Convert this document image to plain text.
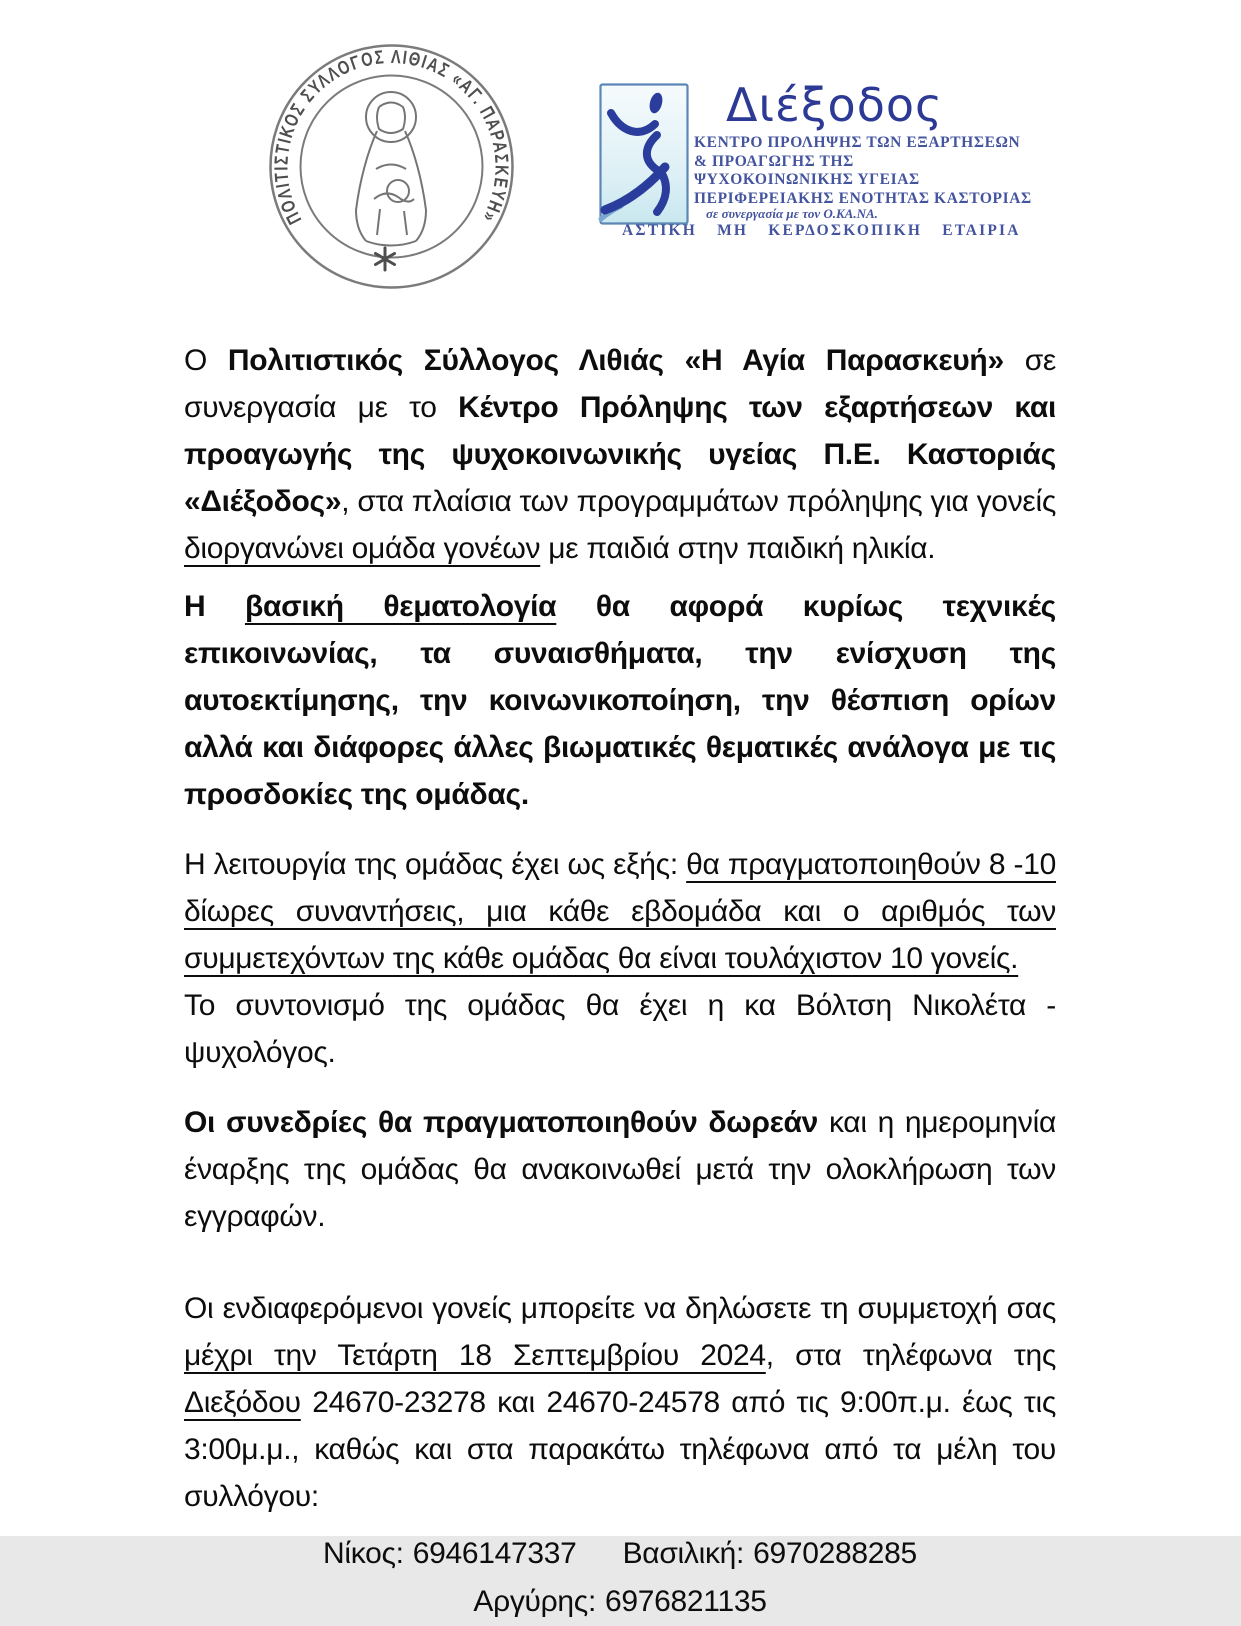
ΠΟΛΙΤΙΣΤΙΚΟΣ ΣΥΛΛΟΓΟΣ ΛΙΘΙΑΣ «ΑΓ. ΠΑΡΑΣΚΕΥΗ»
Διέξοδος
ΚΕΝΤΡΟ ΠΡΟΛΗΨΗΣ ΤΩΝ ΕΞΑΡΤΗΣΕΩΝ
& ΠΡΟΑΓΩΓΗΣ ΤΗΣ
ΨΥΧΟΚΟΙΝΩΝΙΚΗΣ ΥΓΕΙΑΣ
ΠΕΡΙΦΕΡΕΙΑΚΗΣ ΕΝΟΤΗΤΑΣ ΚΑΣΤΟΡΙΑΣ
σε συνεργασία με τον Ο.ΚΑ.ΝΑ.
ΑΣΤΙΚΗ ΜΗ ΚΕΡΔΟΣΚΟΠΙΚΗ ΕΤΑΙΡΙΑ

Ο Πολιτιστικός Σύλλογος Λιθιάς «Η Αγία Παρασκευή» σε συνεργασία με το Κέντρο Πρόληψης των εξαρτήσεων και προαγωγής της ψυχοκοινωνικής υγείας Π.Ε. Καστοριάς «Διέξοδος», στα πλαίσια των προγραμμάτων πρόληψης για γονείς διοργανώνει ομάδα γονέων με παιδιά στην παιδική ηλικία.

Η βασική θεματολογία θα αφορά κυρίως τεχνικές επικοινωνίας, τα συναισθήματα, την ενίσχυση της αυτοεκτίμησης, την κοινωνικοποίηση, την θέσπιση ορίων αλλά και διάφορες άλλες βιωματικές θεματικές ανάλογα με τις προσδοκίες της ομάδας.

Η λειτουργία της ομάδας έχει ως εξής: θα πραγματοποιηθούν 8 -10 δίωρες συναντήσεις, μια κάθε εβδομάδα και ο αριθμός των συμμετεχόντων της κάθε ομάδας θα είναι τουλάχιστον 10 γονείς.

Το συντονισμό της ομάδας θα έχει η κα Βόλτση Νικολέτα - ψυχολόγος.

Οι συνεδρίες θα πραγματοποιηθούν δωρεάν και η ημερομηνία έναρξης της ομάδας θα ανακοινωθεί μετά την ολοκλήρωση των εγγραφών.

Οι ενδιαφερόμενοι γονείς μπορείτε να δηλώσετε τη συμμετοχή σας μέχρι την Τετάρτη 18 Σεπτεμβρίου 2024, στα τηλέφωνα της Διεξόδου 24670-23278 και 24670-24578 από τις 9:00π.μ. έως τις 3:00μ.μ., καθώς και στα παρακάτω τηλέφωνα από τα μέλη του συλλόγου:

Νίκος: 6946147337 Βασιλική: 6970288285

Αργύρης: 6976821135
